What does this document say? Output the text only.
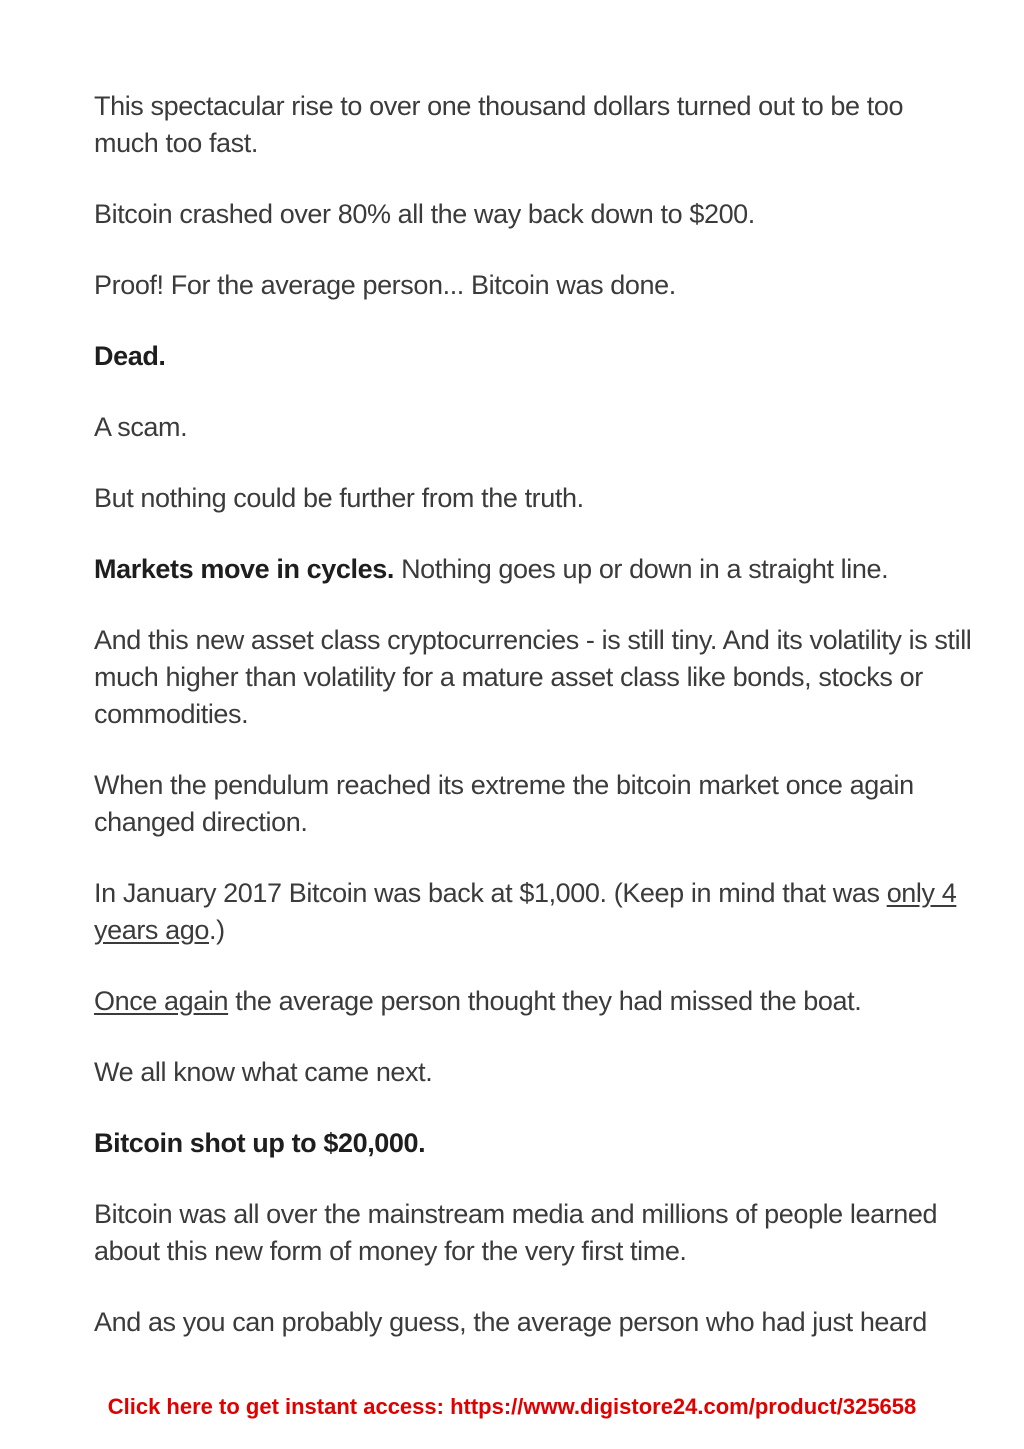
This spectacular rise to over one thousand dollars turned out to be too much too fast.

Bitcoin crashed over 80% all the way back down to $200.

Proof! For the average person... Bitcoin was done.

Dead.

A scam.

But nothing could be further from the truth.

Markets move in cycles. Nothing goes up or down in a straight line.

And this new asset class cryptocurrencies - is still tiny. And its volatility is still much higher than volatility for a mature asset class like bonds, stocks or commodities.

When the pendulum reached its extreme the bitcoin market once again changed direction.

In January 2017 Bitcoin was back at $1,000. (Keep in mind that was only 4 years ago.)

Once again the average person thought they had missed the boat.

We all know what came next.

Bitcoin shot up to $20,000.

Bitcoin was all over the mainstream media and millions of people learned about this new form of money for the very first time.

And as you can probably guess, the average person who had just heard

Click here to get instant access: https://www.digistore24.com/product/325658
